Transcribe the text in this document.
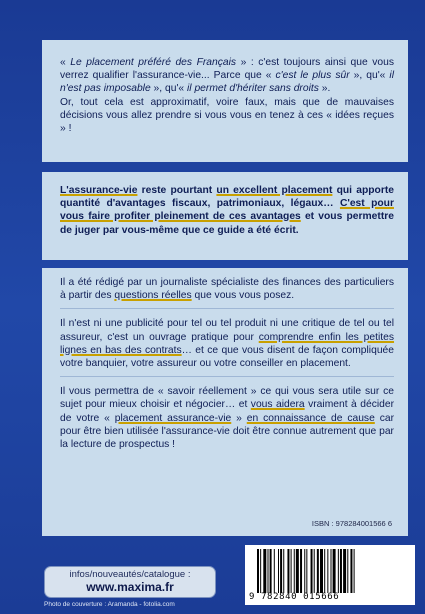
« Le placement préféré des Français » : c'est toujours ainsi que vous verrez qualifier l'assurance-vie... Parce que « c'est le plus sûr », qu'« il n'est pas imposable », qu'« il permet d'hériter sans droits ».

Or, tout cela est approximatif, voire faux, mais que de mauvaises décisions vous allez prendre si vous vous en tenez à ces « idées reçues » !

L'assurance-vie reste pourtant un excellent placement qui apporte quantité d'avantages fiscaux, patrimoniaux, légaux… C'est pour vous faire profiter pleinement de ces avantages et vous permettre de juger par vous-même que ce guide a été écrit.

Il a été rédigé par un journaliste spécialiste des finances des particuliers à partir des questions réelles que vous vous posez.

Il n'est ni une publicité pour tel ou tel produit ni une critique de tel ou tel assureur, c'est un ouvrage pratique pour comprendre enfin les petites lignes en bas des contrats… et ce que vous disent de façon compliquée votre banquier, votre assureur ou votre conseiller en placement.

Il vous permettra de « savoir réellement » ce qui vous sera utile sur ce sujet pour mieux choisir et négocier… et vous aidera vraiment à décider de votre « placement assurance-vie » en connaissance de cause car pour être bien utilisée l'assurance-vie doit être connue autrement que par la lecture de prospectus !

ISBN : 978284001566 6
infos/nouveautés/catalogue :
www.maxima.fr
Photo de couverture : Aramanda - fotolia.com
9 782840 015666
